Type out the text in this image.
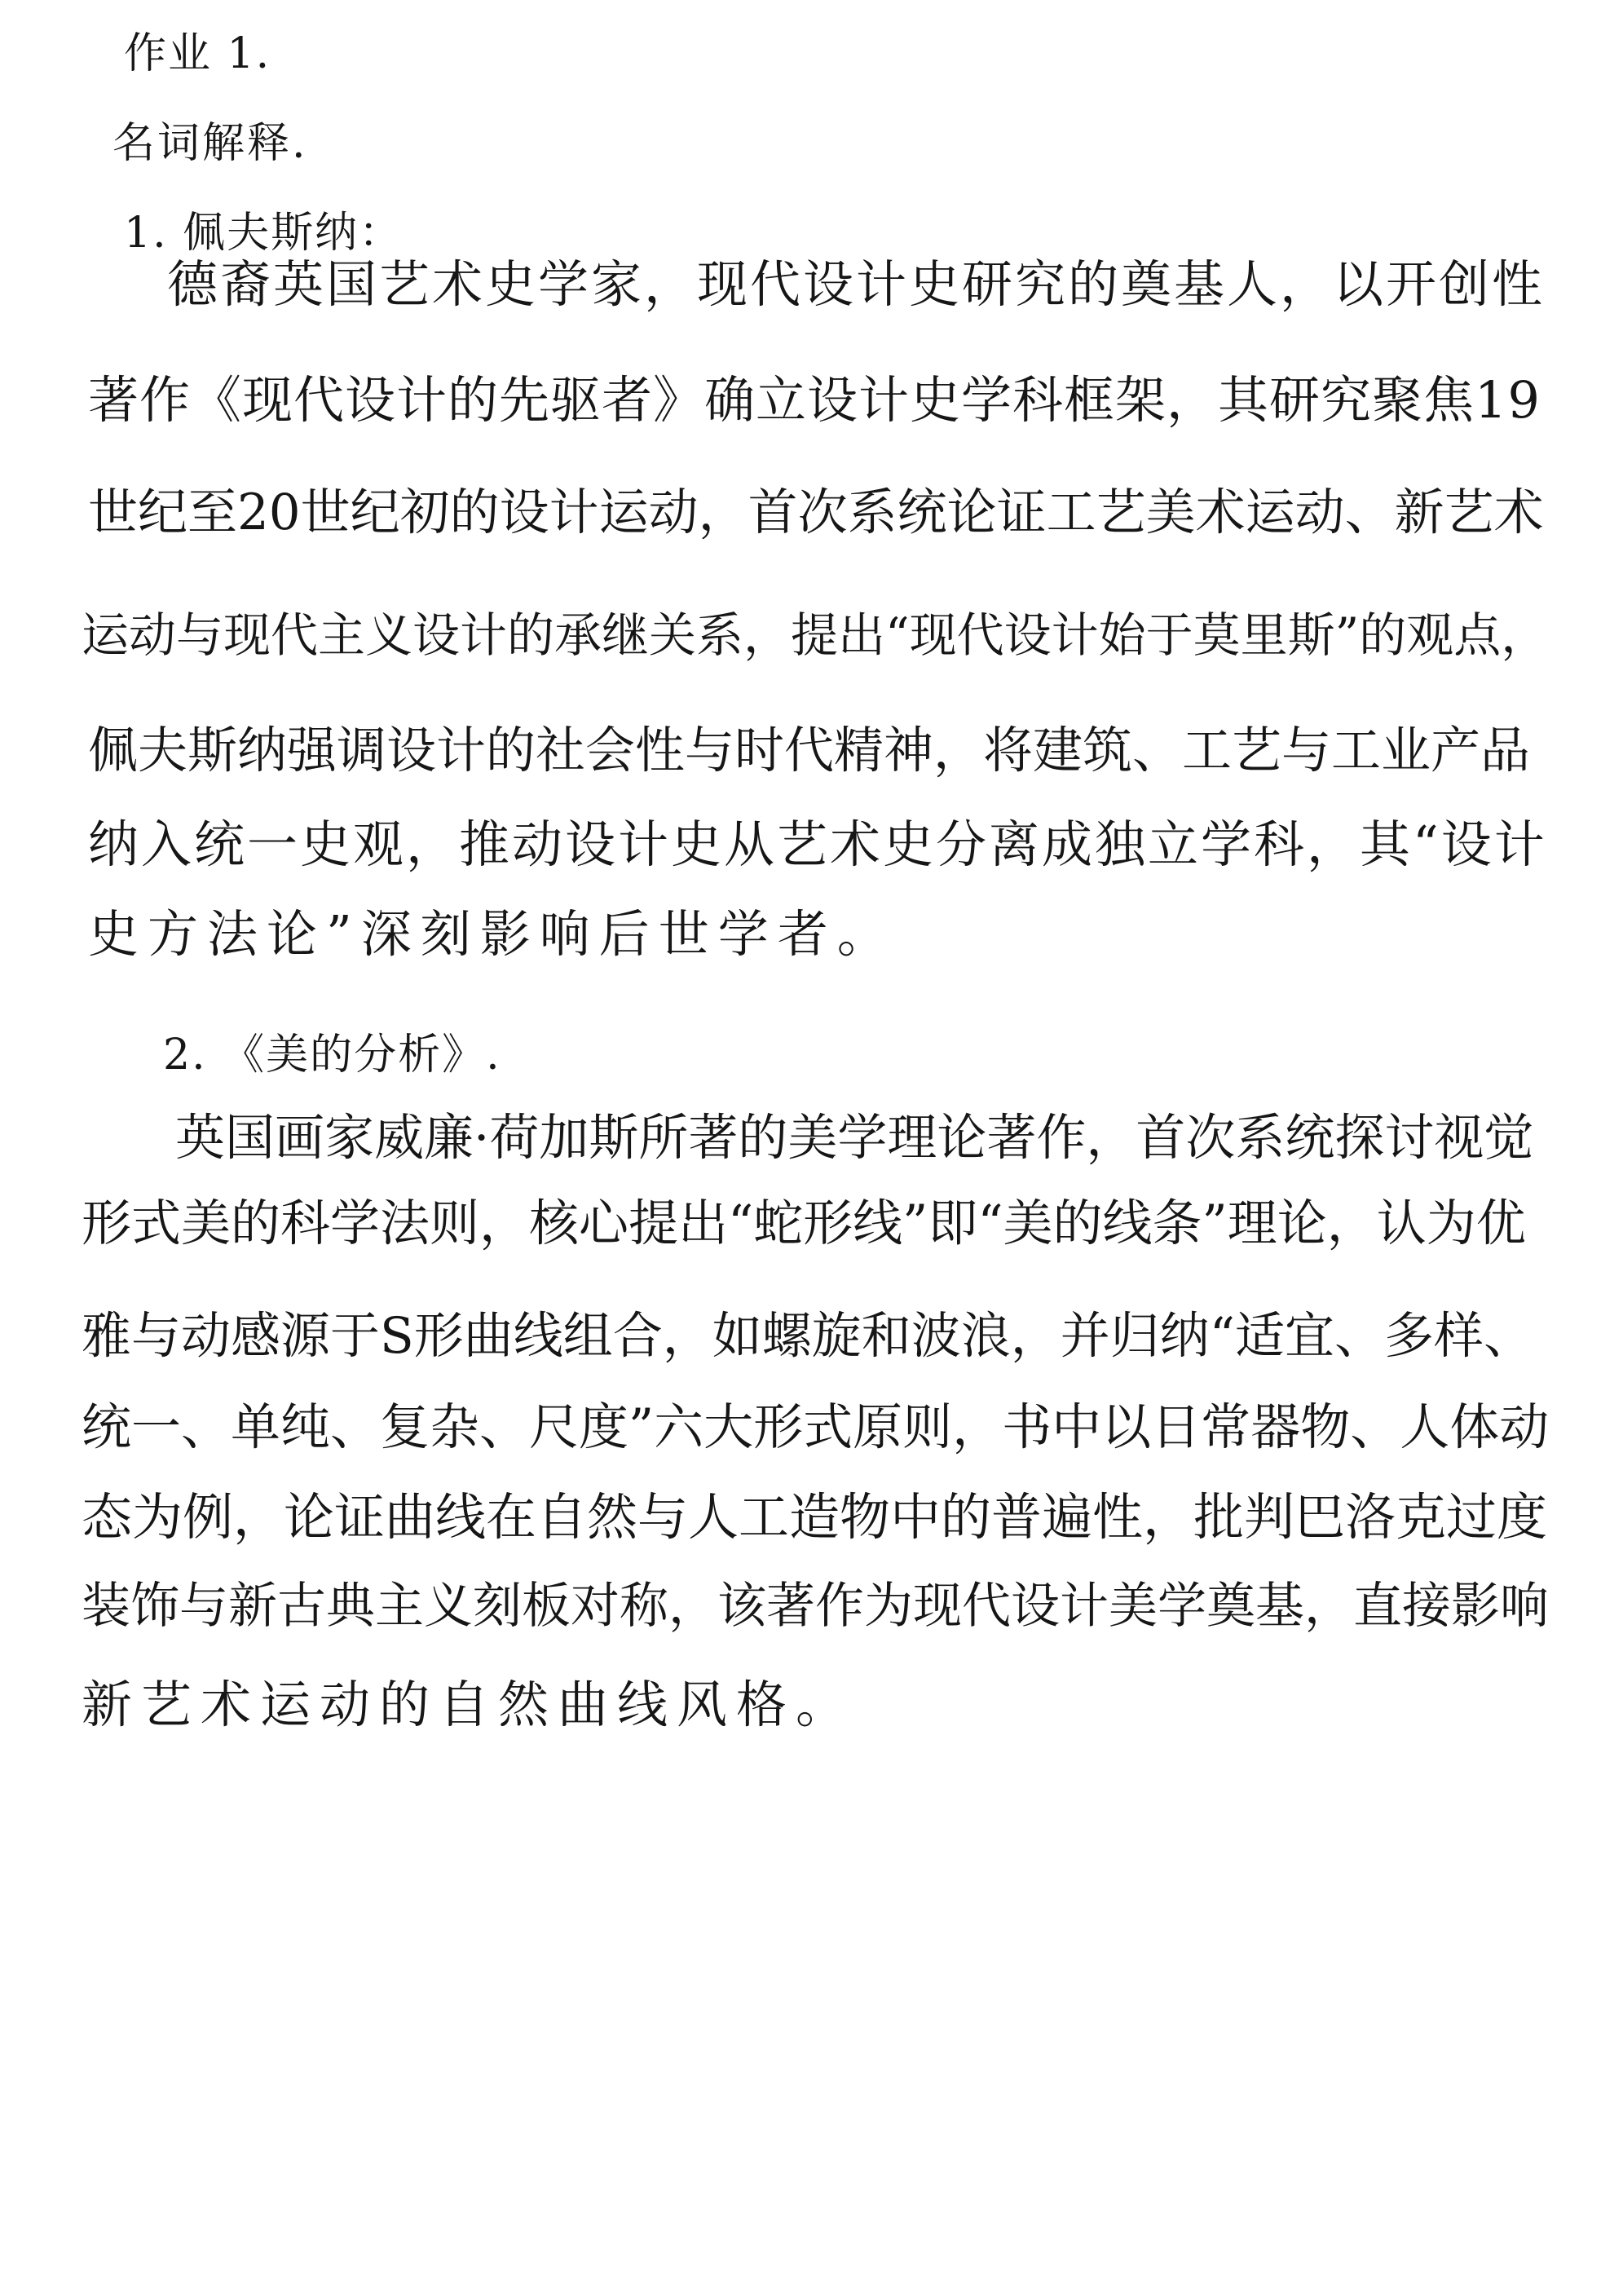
作业 1.
名词解释.
1. 佩夫斯纳：
德裔英国艺术史学家，现代设计史研究的奠基人，以开创性
著作《现代设计的先驱者》确立设计史学科框架，其研究聚焦19
世纪至20世纪初的设计运动，首次系统论证工艺美术运动、新艺术
运动与现代主义设计的承继关系，提出“现代设计始于莫里斯”的观点，
佩夫斯纳强调设计的社会性与时代精神，将建筑、工艺与工业产品
纳入统一史观，推动设计史从艺术史分离成独立学科，其“设计
史方法论”深刻影响后世学者。
2. 《美的分析》.
英国画家威廉·荷加斯所著的美学理论著作，首次系统探讨视觉
形式美的科学法则，核心提出“蛇形线”即“美的线条”理论，认为优
雅与动感源于S形曲线组合，如螺旋和波浪，并归纳“适宜、多样、
统一、单纯、复杂、尺度”六大形式原则，书中以日常器物、人体动
态为例，论证曲线在自然与人工造物中的普遍性，批判巴洛克过度
装饰与新古典主义刻板对称，该著作为现代设计美学奠基，直接影响
新艺术运动的自然曲线风格。
